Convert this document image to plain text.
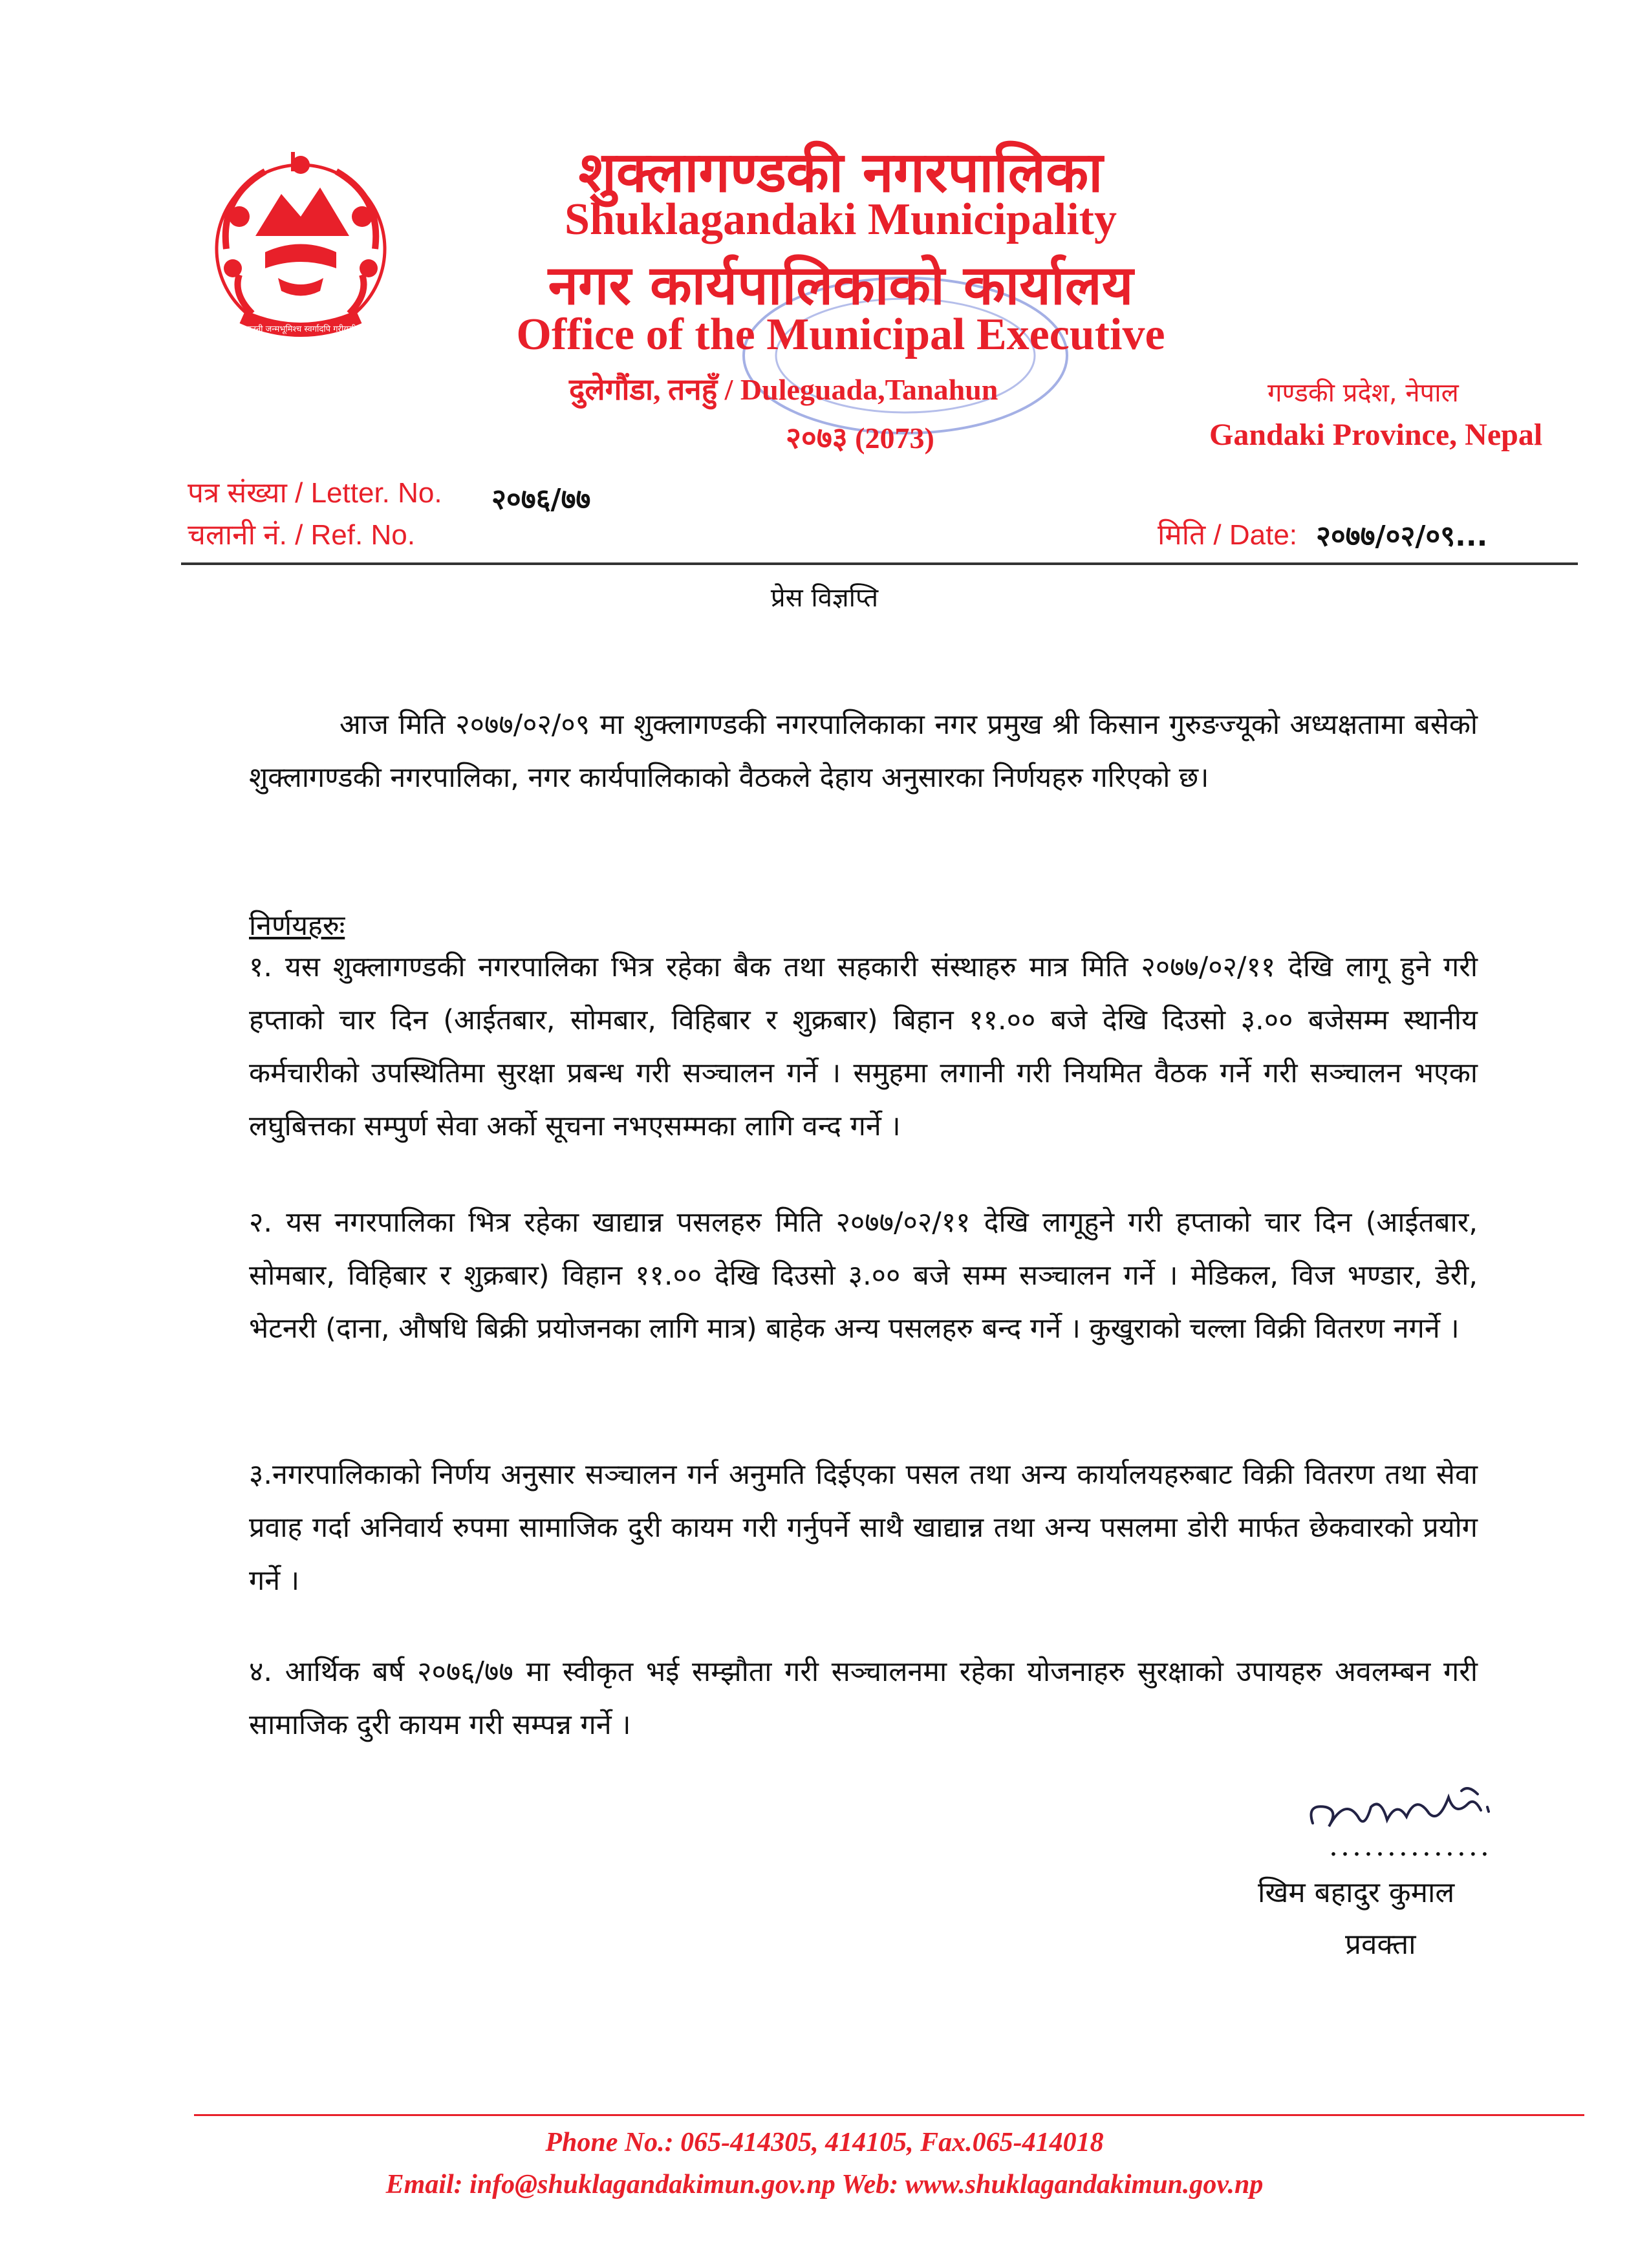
जननी जन्मभूमिश्च स्वर्गादपि गरीयसी
शुक्लागण्डकी नगरपालिका
Shuklagandaki Municipality
नगर कार्यपालिकाको कार्यालय
Office of the Municipal Executive
दुलेगौंडा, तनहुँ / Duleguada,Tanahun
२०७३ (2073)
गण्डकी प्रदेश, नेपाल
Gandaki Province, Nepal
पत्र संख्या / Letter. No. २०७६/७७
चलानी नं. / Ref. No.	मिति / Date: २०७७/०२/०९...
प्रेस विज्ञप्ति
आज मिति २०७७/०२/०९ मा शुक्लागण्डकी नगरपालिकाका नगर प्रमुख श्री किसान गुरुङज्यूको अध्यक्षतामा बसेको शुक्लागण्डकी नगरपालिका, नगर कार्यपालिकाको वैठकले देहाय अनुसारका निर्णयहरु गरिएको छ।
निर्णयहरुः
१. यस शुक्लागण्डकी नगरपालिका भित्र रहेका बैक तथा सहकारी संस्थाहरु मात्र मिति २०७७/०२/११ देखि लागू हुने गरी हप्ताको चार दिन (आईतबार, सोमबार, विहिबार र शुक्रबार) बिहान ११.०० बजे देखि दिउसो ३.०० बजेसम्म स्थानीय कर्मचारीको उपस्थितिमा सुरक्षा प्रबन्ध गरी सञ्चालन गर्ने । समुहमा लगानी गरी नियमित वैठक गर्ने गरी सञ्चालन भएका लघुबित्तका सम्पुर्ण सेवा अर्को सूचना नभएसम्मका लागि वन्द गर्ने ।
२. यस नगरपालिका भित्र रहेका खाद्यान्न पसलहरु मिति २०७७/०२/११ देखि लागूहुने गरी हप्ताको चार दिन (आईतबार, सोमबार, विहिबार र शुक्रबार) विहान ११.०० देखि दिउसो ३.०० बजे सम्म सञ्चालन गर्ने । मेडिकल, विज भण्डार, डेरी, भेटनरी (दाना, औषधि बिक्री प्रयोजनका लागि मात्र) बाहेक अन्य पसलहरु बन्द गर्ने । कुखुराको चल्ला विक्री वितरण नगर्ने ।
३.नगरपालिकाको निर्णय अनुसार सञ्चालन गर्न अनुमति दिईएका पसल तथा अन्य कार्यालयहरुबाट विक्री वितरण तथा सेवा प्रवाह गर्दा अनिवार्य रुपमा सामाजिक दुरी कायम गरी गर्नुपर्ने साथै खाद्यान्न तथा अन्य पसलमा डोरी मार्फत छेकवारको प्रयोग गर्ने ।
४. आर्थिक बर्ष २०७६/७७ मा स्वीकृत भई सम्झौता गरी सञ्चालनमा रहेका योजनाहरु सुरक्षाको उपायहरु अवलम्बन गरी सामाजिक दुरी कायम गरी सम्पन्न गर्ने ।
..............
खिम बहादुर कुमाल
प्रवक्ता
Phone No.: 065-414305, 414105, Fax.065-414018
Email: info@shuklagandakimun.gov.np Web: www.shuklagandakimun.gov.np
